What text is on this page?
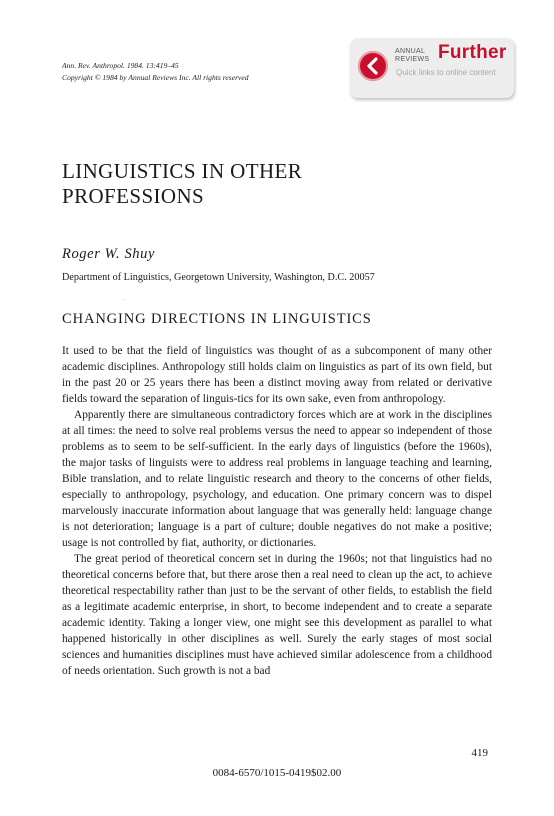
Ann. Rev. Anthropol. 1984. 13:419–45
Copyright © 1984 by Annual Reviews Inc. All rights reserved
ANNUAL
REVIEWS Further
Quick links to online content
LINGUISTICS IN OTHER
PROFESSIONS
Roger W. Shuy
Department of Linguistics, Georgetown University, Washington, D.C. 20057
CHANGING DIRECTIONS IN LINGUISTICS

It used to be that the field of linguistics was thought of as a subcomponent of many other academic disciplines. Anthropology still holds claim on linguistics as part of its own field, but in the past 20 or 25 years there has been a distinct moving away from related or derivative fields toward the separation of linguis-tics for its own sake, even from anthropology.

Apparently there are simultaneous contradictory forces which are at work in the disciplines at all times: the need to solve real problems versus the need to appear so independent of those problems as to seem to be self-sufficient. In the early days of linguistics (before the 1960s), the major tasks of linguists were to address real problems in language teaching and learning, Bible translation, and to relate linguistic research and theory to the concerns of other fields, especially to anthropology, psychology, and education. One primary concern was to dispel marvelously inaccurate information about language that was generally held: language change is not deterioration; language is a part of culture; double negatives do not make a positive; usage is not controlled by fiat, authority, or dictionaries.

The great period of theoretical concern set in during the 1960s; not that linguistics had no theoretical concerns before that, but there arose then a real need to clean up the act, to achieve theoretical respectability rather than just to be the servant of other fields, to establish the field as a legitimate academic enterprise, in short, to become independent and to create a separate academic identity. Taking a longer view, one might see this development as parallel to what happened historically in other disciplines as well. Surely the early stages of most social sciences and humanities disciplines must have achieved similar adolescence from a childhood of needs orientation. Such growth is not a bad

419
0084-6570/1015-0419$02.00
